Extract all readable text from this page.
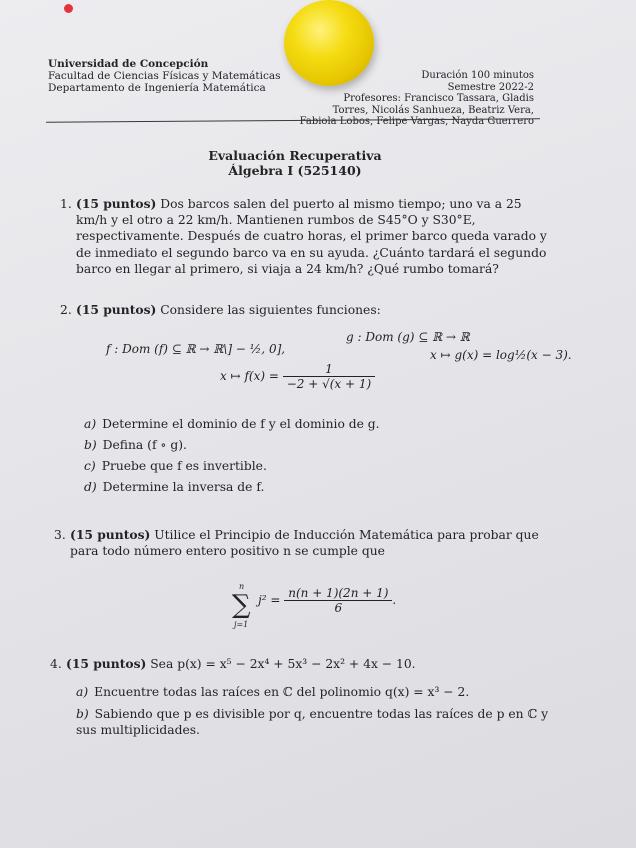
Universidad de Concepción
Facultad de Ciencias Físicas y Matemáticas
Departamento de Ingeniería Matemática
Duración 100 minutos
Semestre 2022-2
Profesores: Francisco Tassara, Gladis
Torres, Nicolás Sanhueza, Beatriz Vera,
Fabiola Lobos, Felipe Vargas, Nayda Guerrero
Evaluación Recuperativa
Álgebra I (525140)
1. (15 puntos) Dos barcos salen del puerto al mismo tiempo; uno va a 25 km/h y el otro a 22 km/h. Mantienen rumbos de S45°O y S30°E, respectivamente. Después de cuatro horas, el primer barco queda varado y de inmediato el segundo barco va en su ayuda. ¿Cuánto tardará el segundo barco en llegar al primero, si viaja a 24 km/h? ¿Qué rumbo tomará?
2. (15 puntos) Considere las siguientes funciones:
f : Dom (f) ⊆ ℝ → ℝ\] − ½, 0],
x ↦ $f(x) = \frac{1}{-2 + √(x + 1)}$
g : Dom (g) ⊆ ℝ → ℝ
x ↦ g(x) = log½(x − 3).
a) Determine el dominio de f y el dominio de g.
b) Defina (f ∘ g).
c) Pruebe que f es invertible.
d) Determine la inversa de f.
3. (15 puntos) Utilice el Principio de Inducción Matemática para probar que para todo número entero positivo n se cumple que
n
∑
j=1
$j^2 = \frac{n(n + 1)(2n + 1)}{6}$ .
4. (15 puntos) Sea p(x) = x⁵ − 2x⁴ + 5x³ − 2x² + 4x − 10.
a) Encuentre todas las raíces en ℂ del polinomio q(x) = x³ − 2.
b) Sabiendo que p es divisible por q, encuentre todas las raíces de p en ℂ y sus multiplicidades.
